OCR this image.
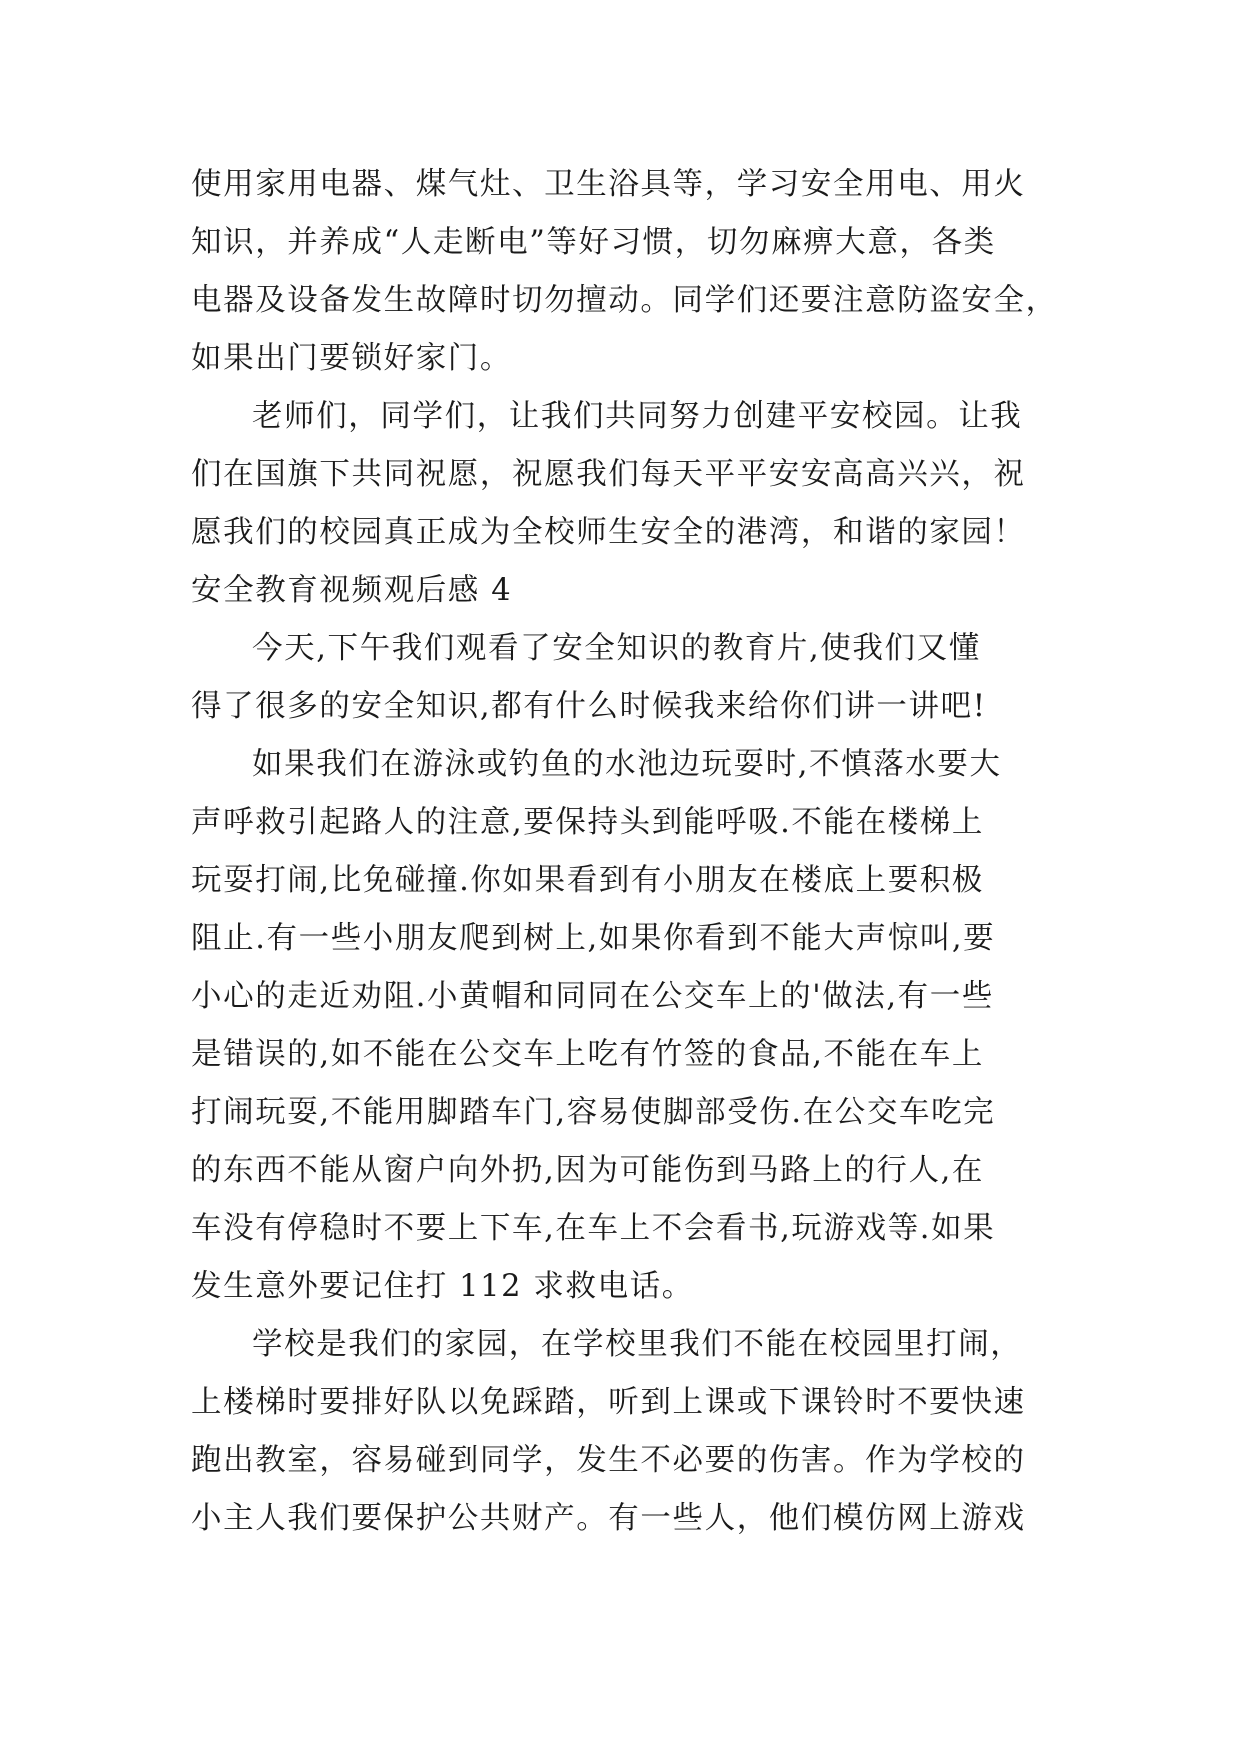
使用家用电器、煤气灶、卫生浴具等，学习安全用电、用火
知识，并养成“人走断电”等好习惯，切勿麻痹大意，各类
电器及设备发生故障时切勿擅动。同学们还要注意防盗安全，
如果出门要锁好家门。
老师们，同学们，让我们共同努力创建平安校园。让我
们在国旗下共同祝愿，祝愿我们每天平平安安高高兴兴，祝
愿我们的校园真正成为全校师生安全的港湾，和谐的家园！
安全教育视频观后感 4
今天,下午我们观看了安全知识的教育片,使我们又懂
得了很多的安全知识,都有什么时候我来给你们讲一讲吧!
如果我们在游泳或钓鱼的水池边玩耍时,不慎落水要大
声呼救引起路人的注意,要保持头到能呼吸.不能在楼梯上
玩耍打闹,比免碰撞.你如果看到有小朋友在楼底上要积极
阻止.有一些小朋友爬到树上,如果你看到不能大声惊叫,要
小心的走近劝阻.小黄帽和同同在公交车上的'做法,有一些
是错误的,如不能在公交车上吃有竹签的食品,不能在车上
打闹玩耍,不能用脚踏车门,容易使脚部受伤.在公交车吃完
的东西不能从窗户向外扔,因为可能伤到马路上的行人,在
车没有停稳时不要上下车,在车上不会看书,玩游戏等.如果
发生意外要记住打 112 求救电话。
学校是我们的家园，在学校里我们不能在校园里打闹，
上楼梯时要排好队以免踩踏，听到上课或下课铃时不要快速
跑出教室，容易碰到同学，发生不必要的伤害。作为学校的
小主人我们要保护公共财产。有一些人，他们模仿网上游戏
